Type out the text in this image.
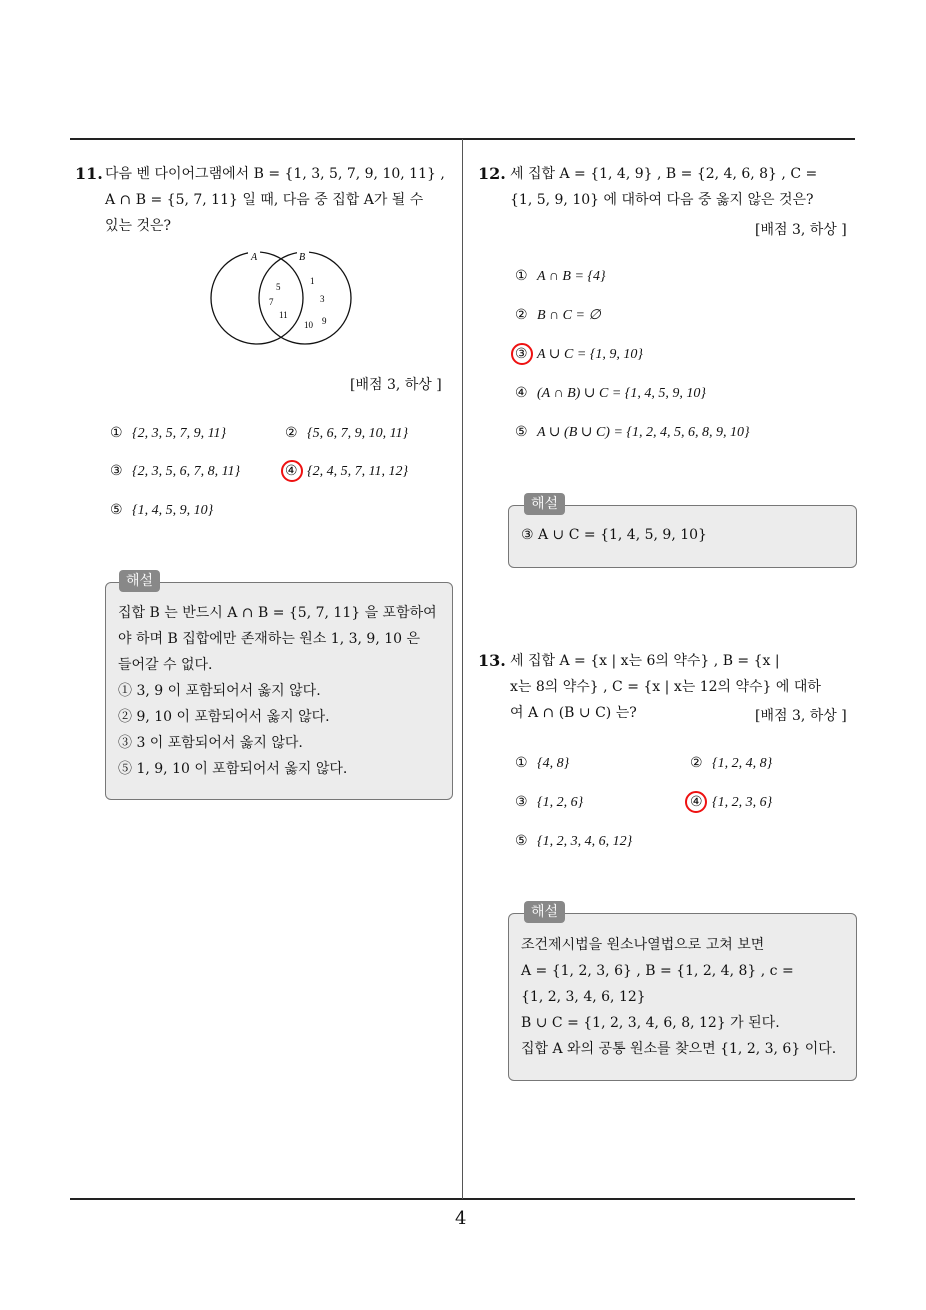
4
11. 다음 벤 다이어그램에서 B = {1, 3, 5, 7, 9, 10, 11} ,
A ∩ B = {5, 7, 11} 일 때, 다음 중 집합 A가 될 수
있는 것은?
A	B
5
7
11
1
3
10 9
[배점 3, 하상 ]
① {2, 3, 5, 7, 9, 11}	② {5, 6, 7, 9, 10, 11}
③ {2, 3, 5, 6, 7, 8, 11}	④ {2, 4, 5, 7, 11, 12}
⑤ {1, 4, 5, 9, 10}
해설
집합 B 는 반드시 A ∩ B = {5, 7, 11} 을 포함하여
야 하며 B 집합에만 존재하는 원소 1, 3, 9, 10 은
들어갈 수 없다.
① 3, 9 이 포함되어서 옳지 않다.
② 9, 10 이 포함되어서 옳지 않다.
③ 3 이 포함되어서 옳지 않다.
⑤ 1, 9, 10 이 포함되어서 옳지 않다.
12. 세 집합 A = {1, 4, 9} , B = {2, 4, 6, 8} , C =
{1, 5, 9, 10} 에 대하여 다음 중 옳지 않은 것은?
[배점 3, 하상 ]
① A ∩ B = {4}
② B ∩ C = ∅
③ A ∪ C = {1, 9, 10}
④ (A ∩ B) ∪ C = {1, 4, 5, 9, 10}
⑤ A ∪ (B ∪ C) = {1, 2, 4, 5, 6, 8, 9, 10}
해설
③ A ∪ C = {1, 4, 5, 9, 10}
13. 세 집합 A = {x | x는 6의 약수} , B = {x |
x는 8의 약수} , C = {x | x는 12의 약수} 에 대하
여 A ∩ (B ∪ C) 는?	[배점 3, 하상 ]
① {4, 8}	② {1, 2, 4, 8}
③ {1, 2, 6}	④ {1, 2, 3, 6}
⑤ {1, 2, 3, 4, 6, 12}
해설
조건제시법을 원소나열법으로 고쳐 보면
A = {1, 2, 3, 6} , B = {1, 2, 4, 8} , c =
{1, 2, 3, 4, 6, 12}
B ∪ C = {1, 2, 3, 4, 6, 8, 12} 가 된다.
집합 A 와의 공통 원소를 찾으면 {1, 2, 3, 6} 이다.
